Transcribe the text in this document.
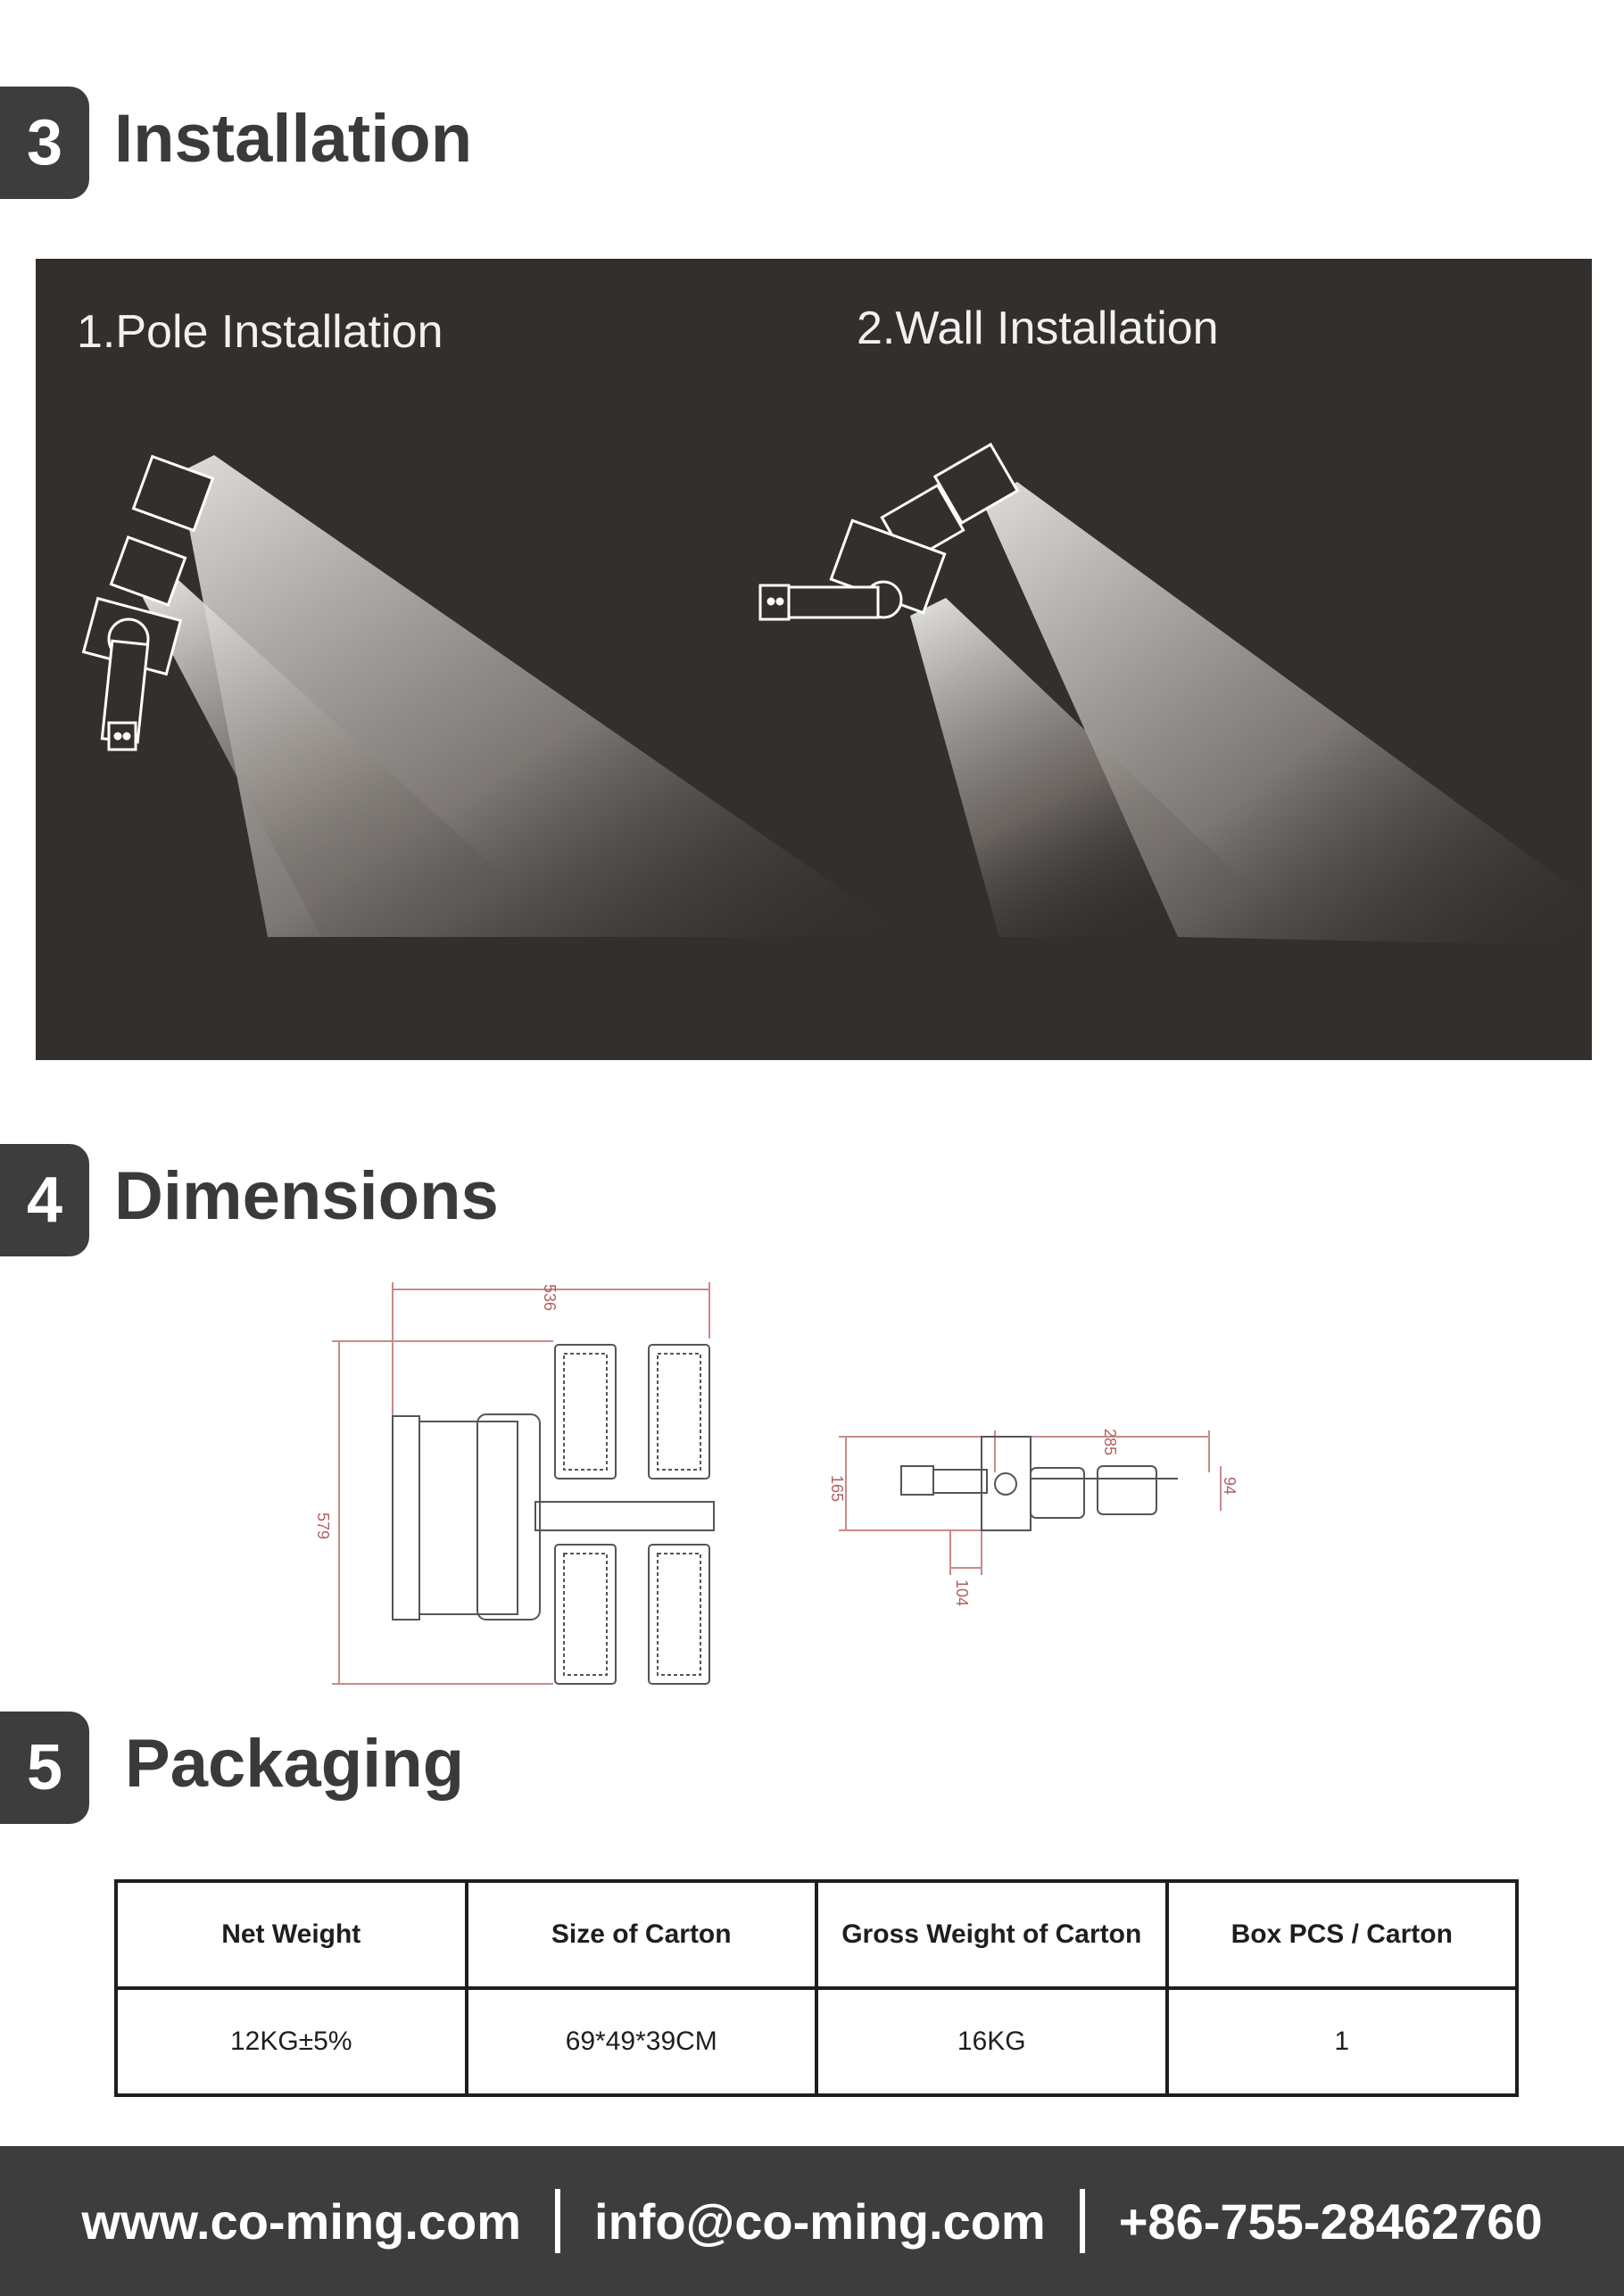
3 Installation
1.Pole Installation	2.Wall Installation
4 Dimensions
536
579
285
165
104
94
5 Packaging
Net Weight	Size of Carton	Gross Weight of Carton	Box PCS / Carton
12KG±5%	69*49*39CM	16KG	1
www.co-ming.com info@co-ming.com +86-755-28462760
